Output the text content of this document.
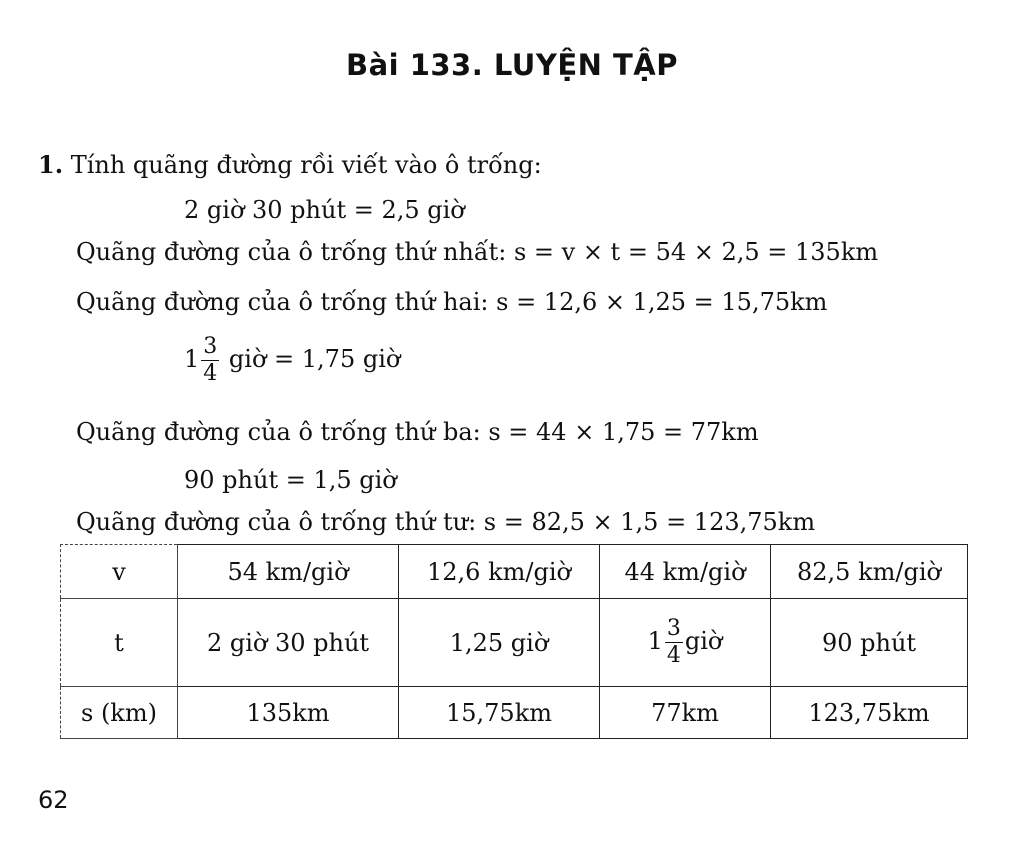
Bài 133. LUYỆN TẬP
1. Tính quãng đường rồi viết vào ô trống:
2 giờ 30 phút = 2,5 giờ
Quãng đường của ô trống thứ nhất: s = v × t = 54 × 2,5 = 135km
Quãng đường của ô trống thứ hai: s = 12,6 × 1,25 = 15,75km
$1 \frac{3}{4}$ giờ = 1,75 giờ
Quãng đường của ô trống thứ ba: s = 44 × 1,75 = 77km
90 phút = 1,5 giờ
Quãng đường của ô trống thứ tư: s = 82,5 × 1,5 = 123,75km
v	54 km/giờ	12,6 km/giờ	44 km/giờ	82,5 km/giờ
t	2 giờ 30 phút	1,25 giờ	$1 \frac{3}{4}$ giờ	90 phút
s (km)	135km	15,75km	77km	123,75km
62
